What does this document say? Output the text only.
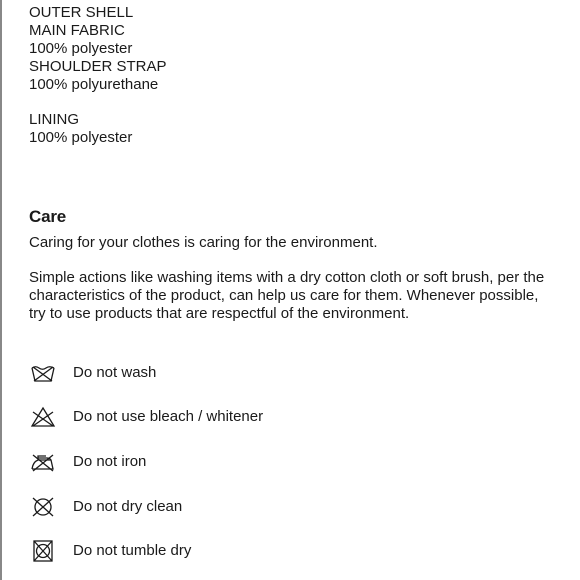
OUTER SHELL
MAIN FABRIC
100% polyester
SHOULDER STRAP
100% polyurethane
LINING
100% polyester
Care
Caring for your clothes is caring for the environment.
Simple actions like washing items with a dry cotton cloth or soft brush, per the characteristics of the product, can help us care for them. Whenever possible, try to use products that are respectful of the environment.
Do not wash
Do not use bleach / whitener
Do not iron
Do not dry clean
Do not tumble dry
